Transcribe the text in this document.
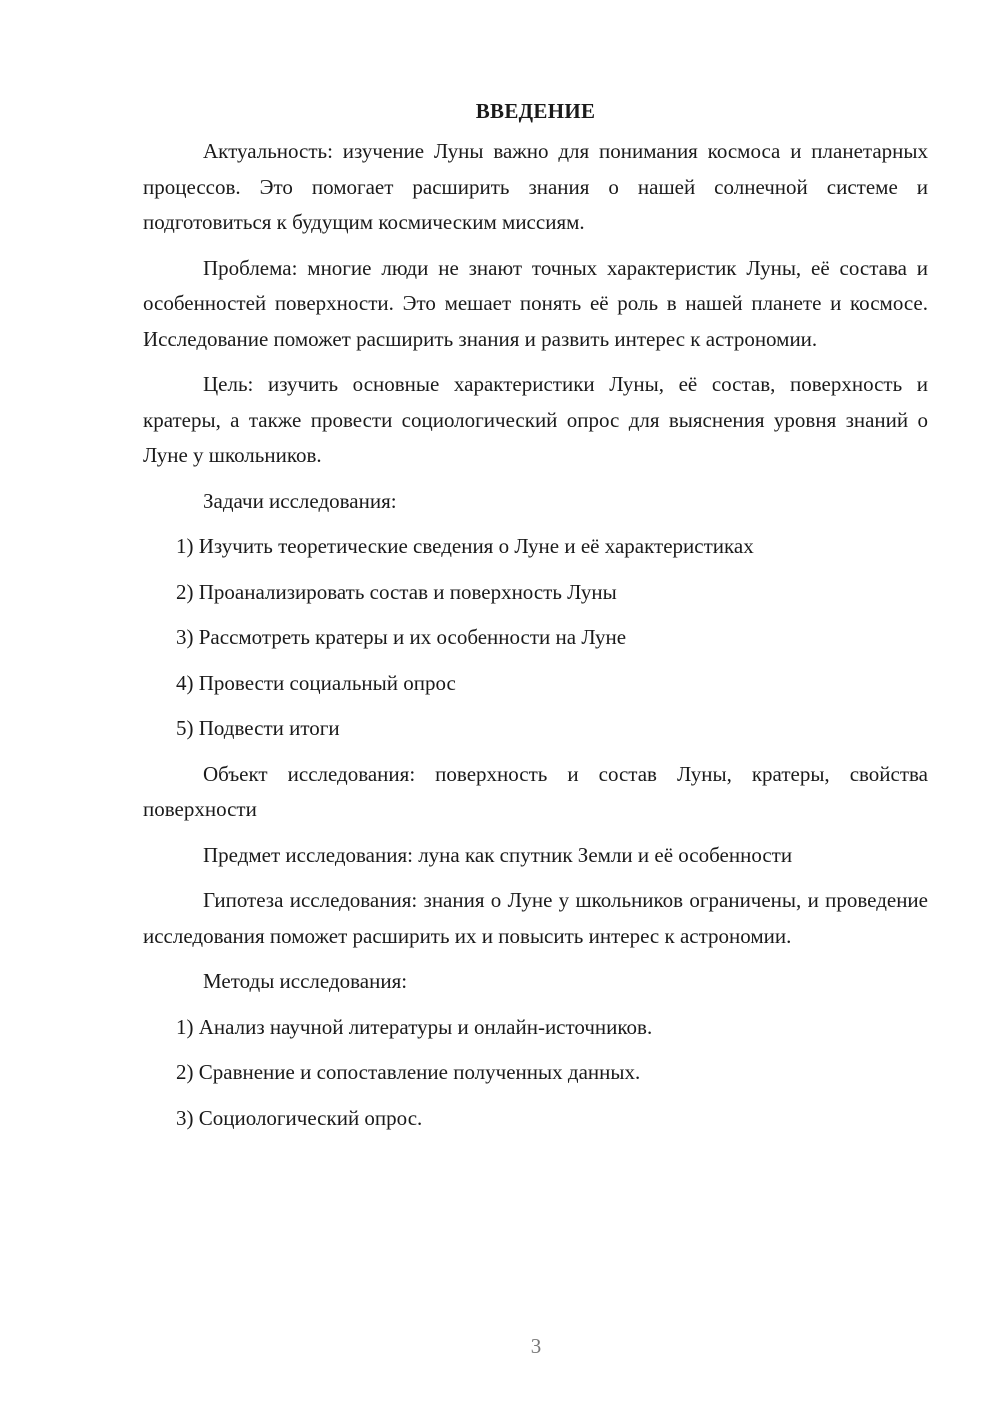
ВВЕДЕНИЕ

Актуальность: изучение Луны важно для понимания космоса и планетарных процессов. Это помогает расширить знания о нашей солнечной системе и подготовиться к будущим космическим миссиям.

Проблема: многие люди не знают точных характеристик Луны, её состава и особенностей поверхности. Это мешает понять её роль в нашей планете и космосе. Исследование поможет расширить знания и развить интерес к астрономии.

Цель: изучить основные характеристики Луны, её состав, поверхность и кратеры, а также провести социологический опрос для выяснения уровня знаний о Луне у школьников.

Задачи исследования:

1) Изучить теоретические сведения о Луне и её характеристиках
2) Проанализировать состав и поверхность Луны
3) Рассмотреть кратеры и их особенности на Луне
4) Провести социальный опрос
5) Подвести итоги

Объект исследования: поверхность и состав Луны, кратеры, свойства поверхности

Предмет исследования: луна как спутник Земли и её особенности

Гипотеза исследования: знания о Луне у школьников ограничены, и проведение исследования поможет расширить их и повысить интерес к астрономии.

Методы исследования:

1) Анализ научной литературы и онлайн-источников.
2) Сравнение и сопоставление полученных данных.
3) Социологический опрос.
3
